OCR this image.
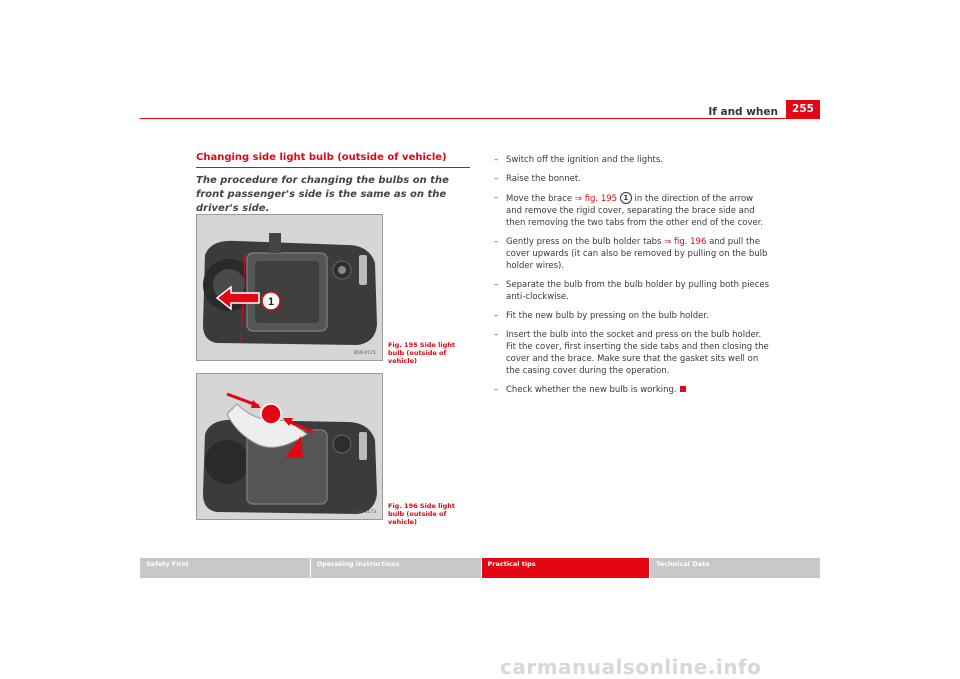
If and when	255
Changing side light bulb (outside of vehicle)
The procedure for changing the bulbs on the front passenger's side is the same as on the driver's side.
1
B5R-0171
Fig. 195 Side light bulb (outside of vehicle)
B5R-0173
Fig. 196 Side light bulb (outside of vehicle)
– Switch off the ignition and the lights.
– Raise the bonnet.
– Move the brace ⇒ fig. 195 1 in the direction of the arrow and remove the rigid cover, separating the brace side and then removing the two tabs from the other end of the cover.
– Gently press on the bulb holder tabs ⇒ fig. 196 and pull the cover upwards (it can also be removed by pulling on the bulb holder wires).
– Separate the bulb from the bulb holder by pulling both pieces anti-clockwise.
– Fit the new bulb by pressing on the bulb holder.
– Insert the bulb into the socket and press on the bulb holder. Fit the cover, first inserting the side tabs and then closing the cover and the brace. Make sure that the gasket sits well on the casing cover during the operation.
– Check whether the new bulb is working.
Safety First	Operating instructions	Practical tips	Technical Data
carmanualsonline.info
